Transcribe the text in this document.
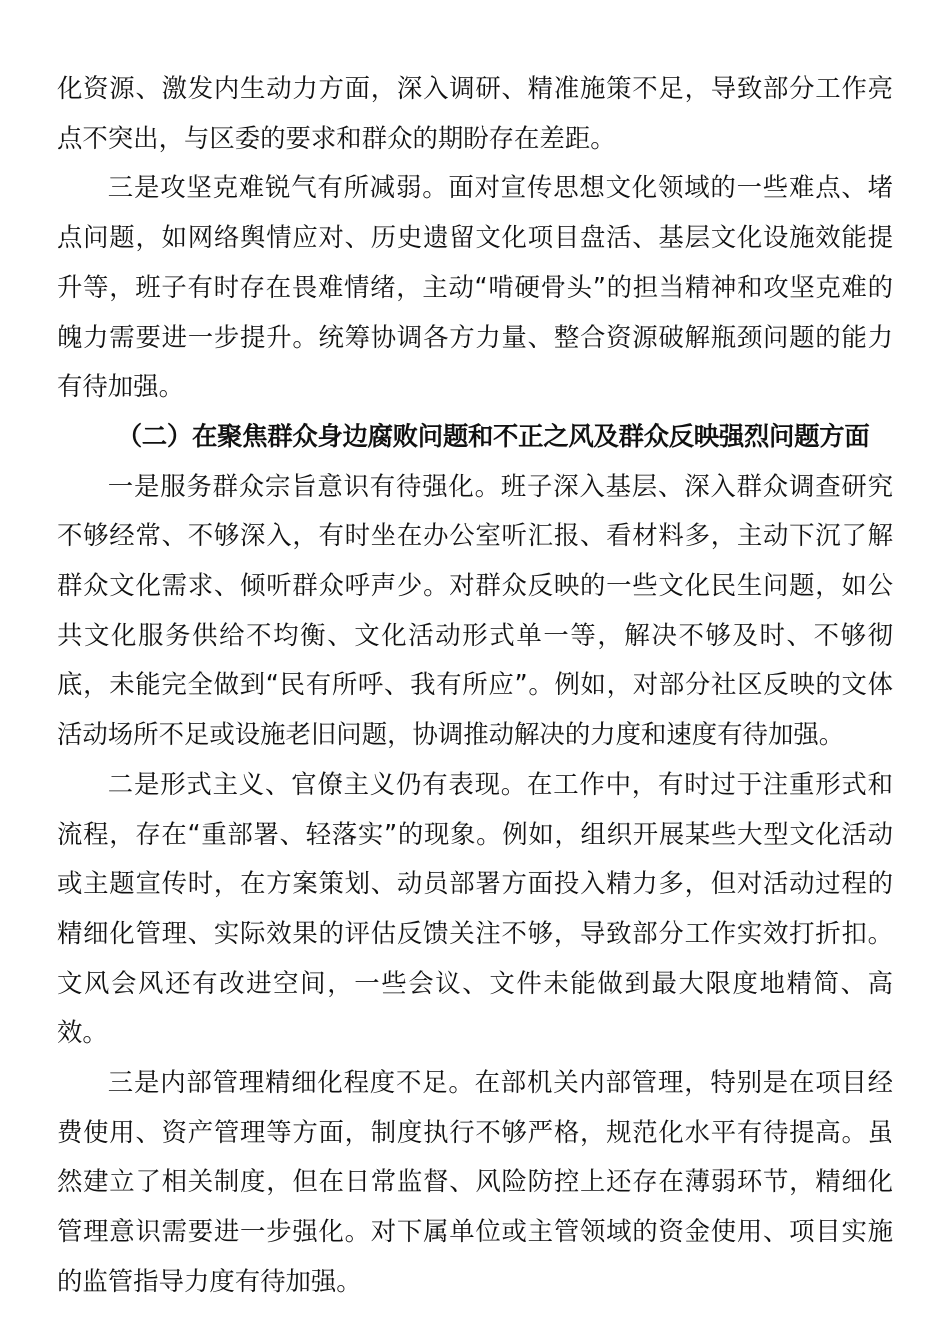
化资源、激发内生动力方面，深入调研、精准施策不足，导致部分工作亮点不突出，与区委的要求和群众的期盼存在差距。

三是攻坚克难锐气有所减弱。面对宣传思想文化领域的一些难点、堵点问题，如网络舆情应对、历史遗留文化项目盘活、基层文化设施效能提升等，班子有时存在畏难情绪，主动“啃硬骨头”的担当精神和攻坚克难的魄力需要进一步提升。统筹协调各方力量、整合资源破解瓶颈问题的能力有待加强。

（二）在聚焦群众身边腐败问题和不正之风及群众反映强烈问题方面

一是服务群众宗旨意识有待强化。班子深入基层、深入群众调查研究不够经常、不够深入，有时坐在办公室听汇报、看材料多，主动下沉了解群众文化需求、倾听群众呼声少。对群众反映的一些文化民生问题，如公共文化服务供给不均衡、文化活动形式单一等，解决不够及时、不够彻底，未能完全做到“民有所呼、我有所应”。例如，对部分社区反映的文体活动场所不足或设施老旧问题，协调推动解决的力度和速度有待加强。

二是形式主义、官僚主义仍有表现。在工作中，有时过于注重形式和流程，存在“重部署、轻落实”的现象。例如，组织开展某些大型文化活动或主题宣传时，在方案策划、动员部署方面投入精力多，但对活动过程的精细化管理、实际效果的评估反馈关注不够，导致部分工作实效打折扣。文风会风还有改进空间，一些会议、文件未能做到最大限度地精简、高效。

三是内部管理精细化程度不足。在部机关内部管理，特别是在项目经费使用、资产管理等方面，制度执行不够严格，规范化水平有待提高。虽然建立了相关制度，但在日常监督、风险防控上还存在薄弱环节，精细化管理意识需要进一步强化。对下属单位或主管领域的资金使用、项目实施的监管指导力度有待加强。
